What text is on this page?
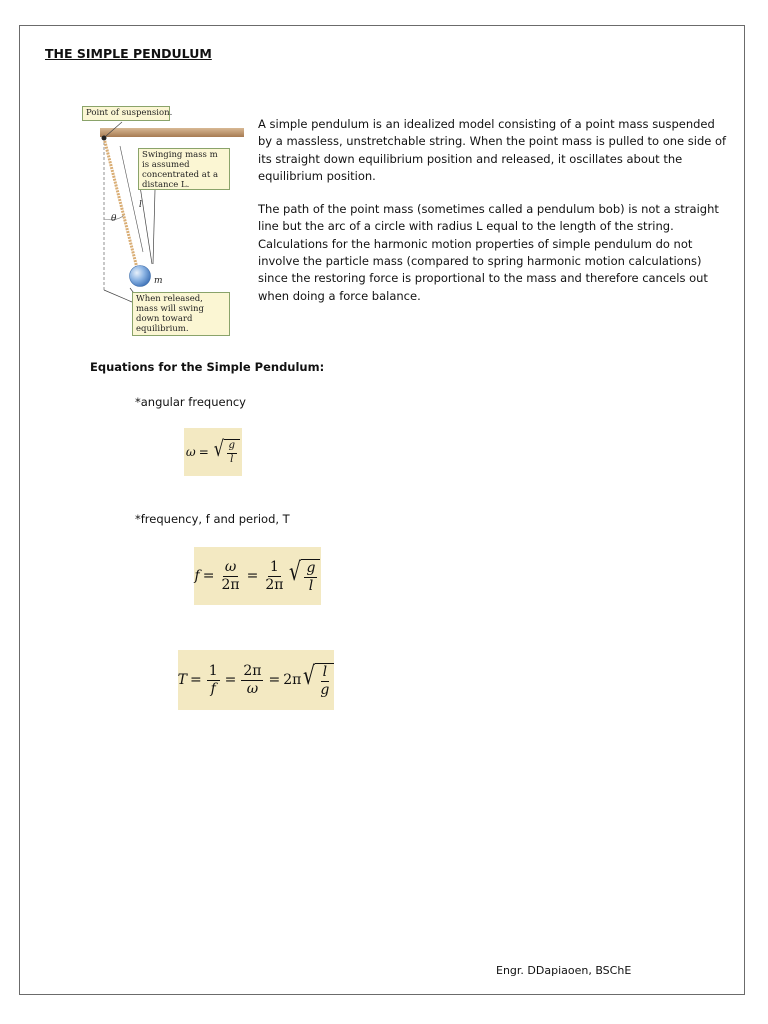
THE SIMPLE PENDULUM
Point of suspension.
Swinging mass m is assumed concentrated at a distance L.
When released, mass will swing down toward equilibrium.
θ
l
m

A simple pendulum is an idealized model consisting of a point mass suspended by a massless, unstretchable string. When the point mass is pulled to one side of its straight down equilibrium position and released, it oscillates about the equilibrium position.

The path of the point mass (sometimes called a pendulum bob) is not a straight line but the arc of a circle with radius L equal to the length of the string. Calculations for the harmonic motion properties of simple pendulum do not involve the particle mass (compared to spring harmonic motion calculations) since the restoring force is proportional to the mass and therefore cancels out when doing a force balance.

Equations for the Simple Pendulum:
*angular frequency
ω = √ $\frac{g}{l}$
*frequency, f and period, T
$f = \frac{\omega}{2\pi} = \frac{1}{2\pi}$ √ $\frac{g}{l}$
$T = \frac{1}{f} = \frac{2\pi}{\omega} = 2\pi$ √ $\frac{l}{g}$
Engr. DDapiaoen, BSChE
